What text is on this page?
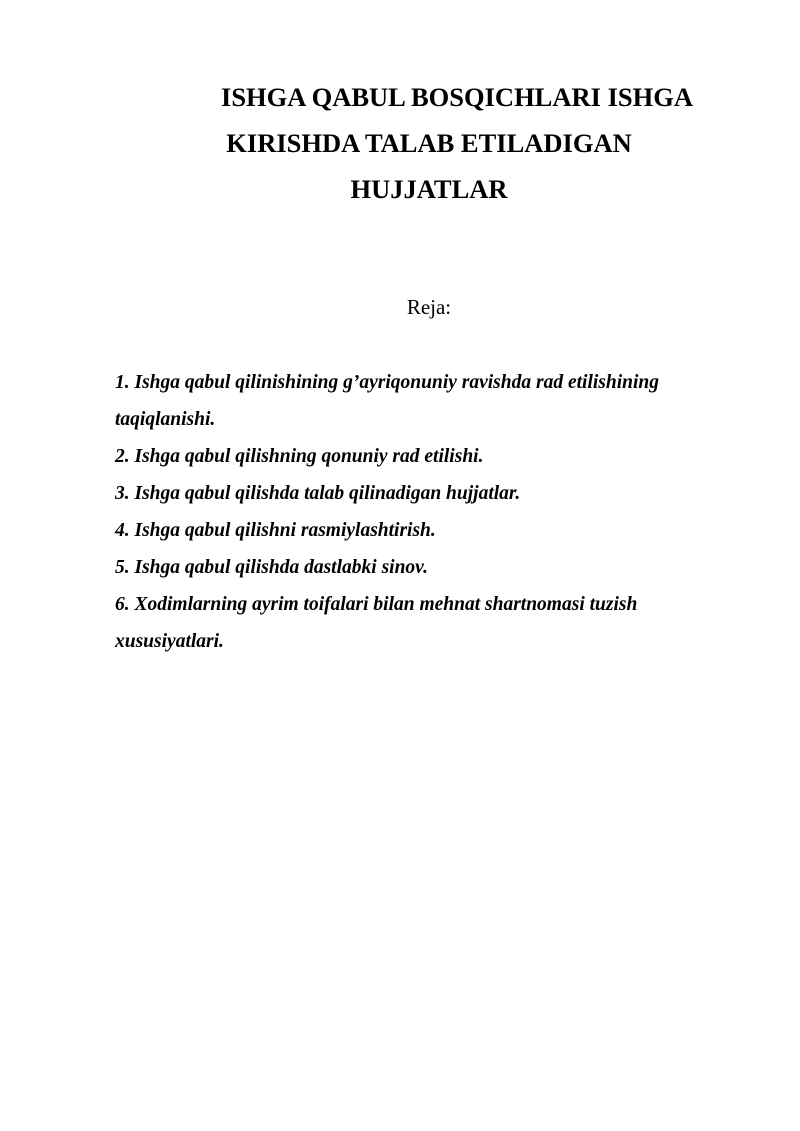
ISHGA QABUL BOSQICHLARI ISHGA
KIRISHDA TALAB ETILADIGAN
HUJJATLAR
Reja:
1. Ishga qabul qilinishining g’ayriqonuniy ravishda rad etilishining taqiqlanishi.
2. Ishga qabul qilishning qonuniy rad etilishi.
3. Ishga qabul qilishda talab qilinadigan hujjatlar.
4. Ishga qabul qilishni rasmiylashtirish.
5. Ishga qabul qilishda dastlabki sinov.
6. Xodimlarning ayrim toifalari bilan mehnat shartnomasi tuzish xususiyatlari.
